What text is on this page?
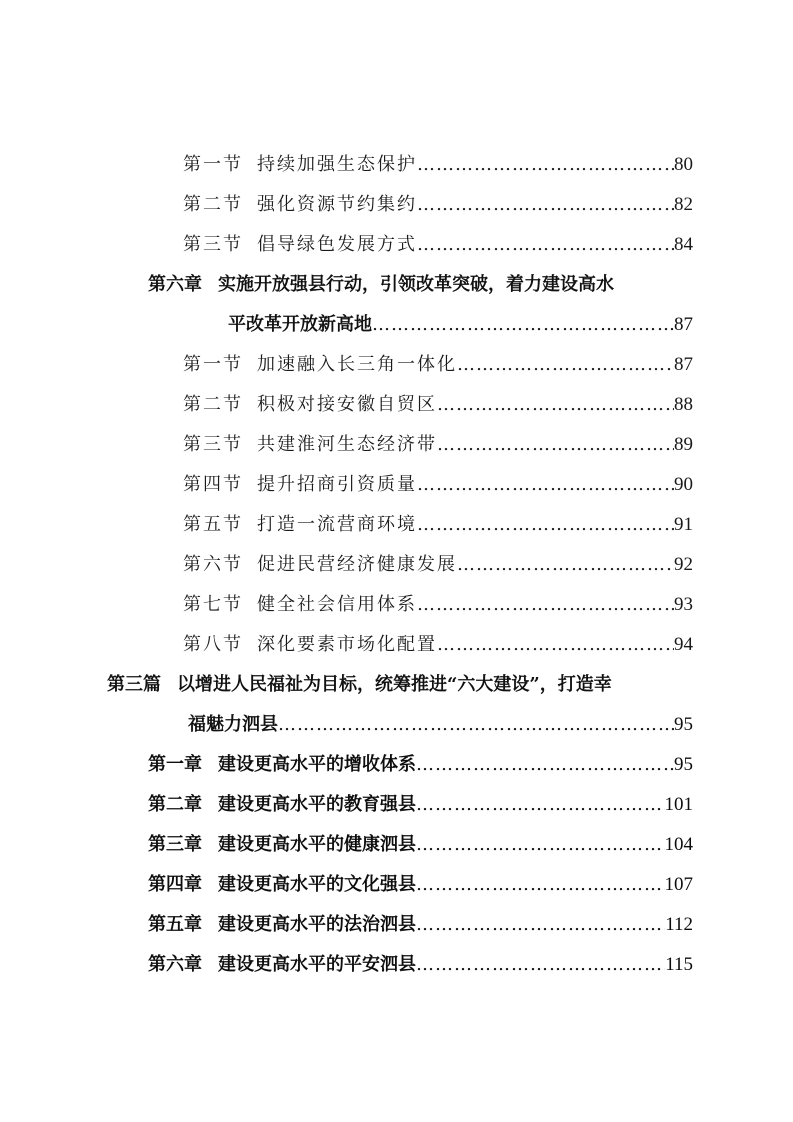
第一节 持续加强生态保护 ……………………………………………………………………………………………………………………	80
第二节 强化资源节约集约 ……………………………………………………………………………………………………………………	82
第三节 倡导绿色发展方式 ……………………………………………………………………………………………………………………	84
第六章 实施开放强县行动，引领改革突破，着力建设高水
平改革开放新高地 ……………………………………………………………………………………………………………………	87
第一节 加速融入长三角一体化 ……………………………………………………………………………………………………………………	87
第二节 积极对接安徽自贸区 ……………………………………………………………………………………………………………………	88
第三节 共建淮河生态经济带 ……………………………………………………………………………………………………………………	89
第四节 提升招商引资质量 ……………………………………………………………………………………………………………………	90
第五节 打造一流营商环境 ……………………………………………………………………………………………………………………	91
第六节 促进民营经济健康发展 ……………………………………………………………………………………………………………………	92
第七节 健全社会信用体系 ……………………………………………………………………………………………………………………	93
第八节 深化要素市场化配置 ……………………………………………………………………………………………………………………	94
第三篇 以增进人民福祉为目标，统筹推进“六大建设”，打造幸
福魅力泗县 ……………………………………………………………………………………………………………………	95
第一章 建设更高水平的增收体系 ……………………………………………………………………………………………………………………	95
第二章 建设更高水平的教育强县 ……………………………………………………………………………………………………………………	101
第三章 建设更高水平的健康泗县 ……………………………………………………………………………………………………………………	104
第四章 建设更高水平的文化强县 ……………………………………………………………………………………………………………………	107
第五章 建设更高水平的法治泗县 ……………………………………………………………………………………………………………………	112
第六章 建设更高水平的平安泗县 ……………………………………………………………………………………………………………………	115
